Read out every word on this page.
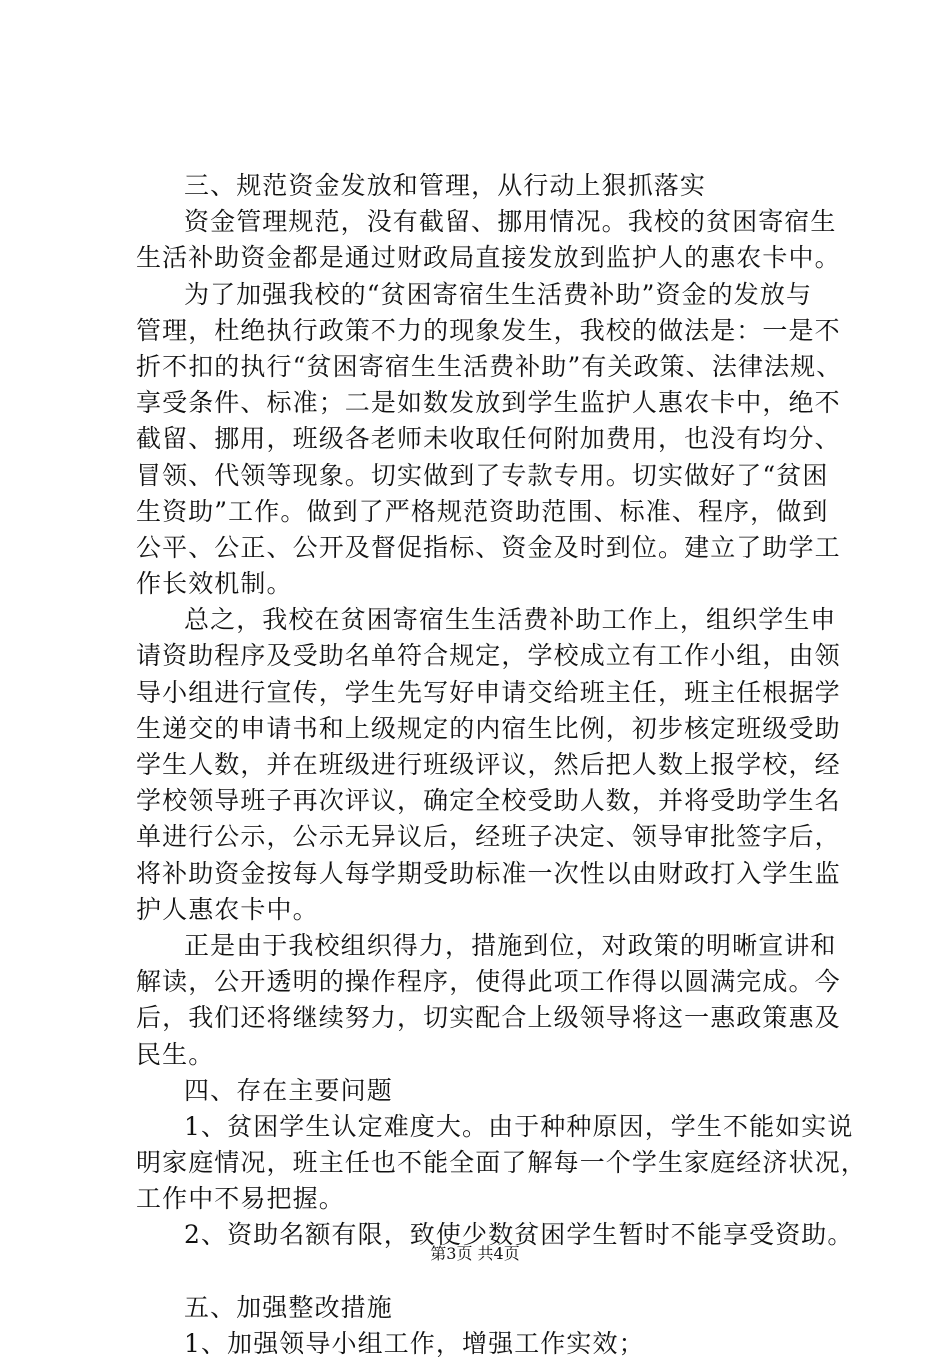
三、规范资金发放和管理，从行动上狠抓落实
资金管理规范，没有截留、挪用情况。我校的贫困寄宿生
生活补助资金都是通过财政局直接发放到监护人的惠农卡中。
为了加强我校的“贫困寄宿生生活费补助”资金的发放与
管理，杜绝执行政策不力的现象发生，我校的做法是：一是不
折不扣的执行“贫困寄宿生生活费补助”有关政策、法律法规、
享受条件、标准；二是如数发放到学生监护人惠农卡中，绝不
截留、挪用，班级各老师未收取任何附加费用，也没有均分、
冒领、代领等现象。切实做到了专款专用。切实做好了“贫困
生资助”工作。做到了严格规范资助范围、标准、程序，做到
公平、公正、公开及督促指标、资金及时到位。建立了助学工
作长效机制。
总之，我校在贫困寄宿生生活费补助工作上，组织学生申
请资助程序及受助名单符合规定，学校成立有工作小组，由领
导小组进行宣传，学生先写好申请交给班主任，班主任根据学
生递交的申请书和上级规定的内宿生比例，初步核定班级受助
学生人数，并在班级进行班级评议，然后把人数上报学校，经
学校领导班子再次评议，确定全校受助人数，并将受助学生名
单进行公示，公示无异议后，经班子决定、领导审批签字后，
将补助资金按每人每学期受助标准一次性以由财政打入学生监
护人惠农卡中。
正是由于我校组织得力，措施到位，对政策的明晰宣讲和
解读，公开透明的操作程序，使得此项工作得以圆满完成。今
后，我们还将继续努力，切实配合上级领导将这一惠政策惠及
民生。
四、存在主要问题
1、贫困学生认定难度大。由于种种原因，学生不能如实说
明家庭情况，班主任也不能全面了解每一个学生家庭经济状况，
工作中不易把握。
2、资助名额有限，致使少数贫困学生暂时不能享受资助。
五、加强整改措施
1、加强领导小组工作，增强工作实效；
第3页 共4页
